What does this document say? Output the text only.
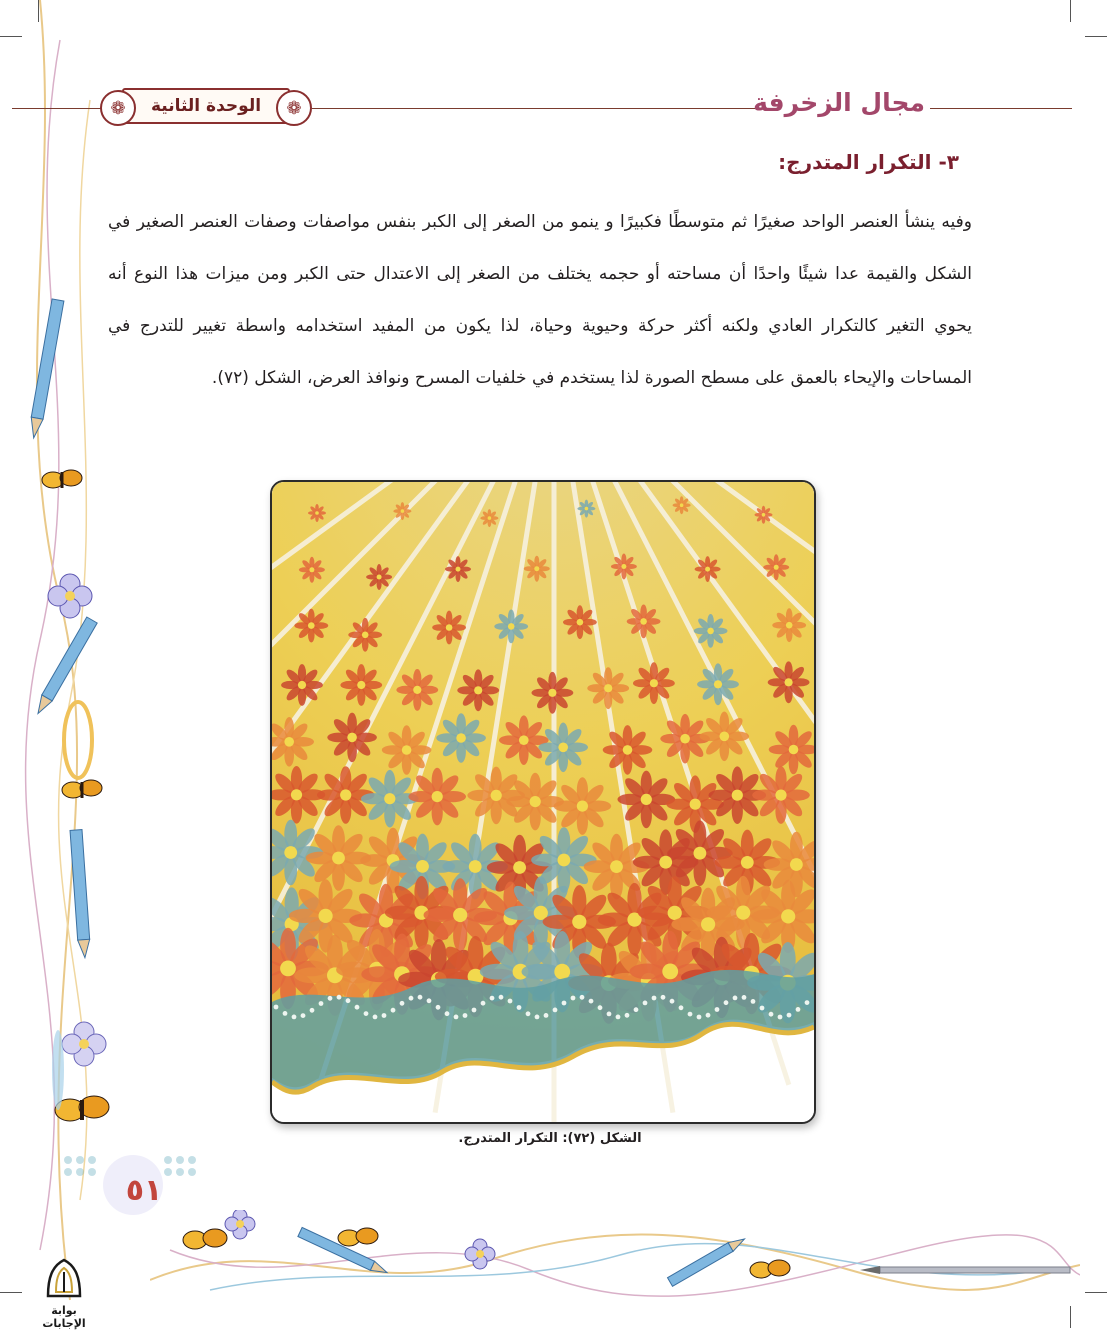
❁	❁
الوحدة الثانية	مجال الزخرفة
٣- التكرار المتدرج:
وفيه ينشأ العنصر الواحد صغيرًا ثم متوسطًا فكبيرًا و ينمو من الصغر إلى الكبر بنفس مواصفات وصفات العنصر الصغير في الشكل والقيمة عدا شيئًا واحدًا أن مساحته أو حجمه يختلف من الصغر إلى الاعتدال حتى الكبر ومن ميزات هذا النوع أنه يحوي التغير كالتكرار العادي ولكنه أكثر حركة وحيوية وحياة، لذا يكون من المفيد استخدامه واسطة تغيير للتدرج في المساحات والإيحاء بالعمق على مسطح الصورة لذا يستخدم في خلفيات المسرح ونوافذ العرض، الشكل (٧٢).
الشكل (٧٢): التكرار المتدرج.
٥١
بوابة الإجابات
